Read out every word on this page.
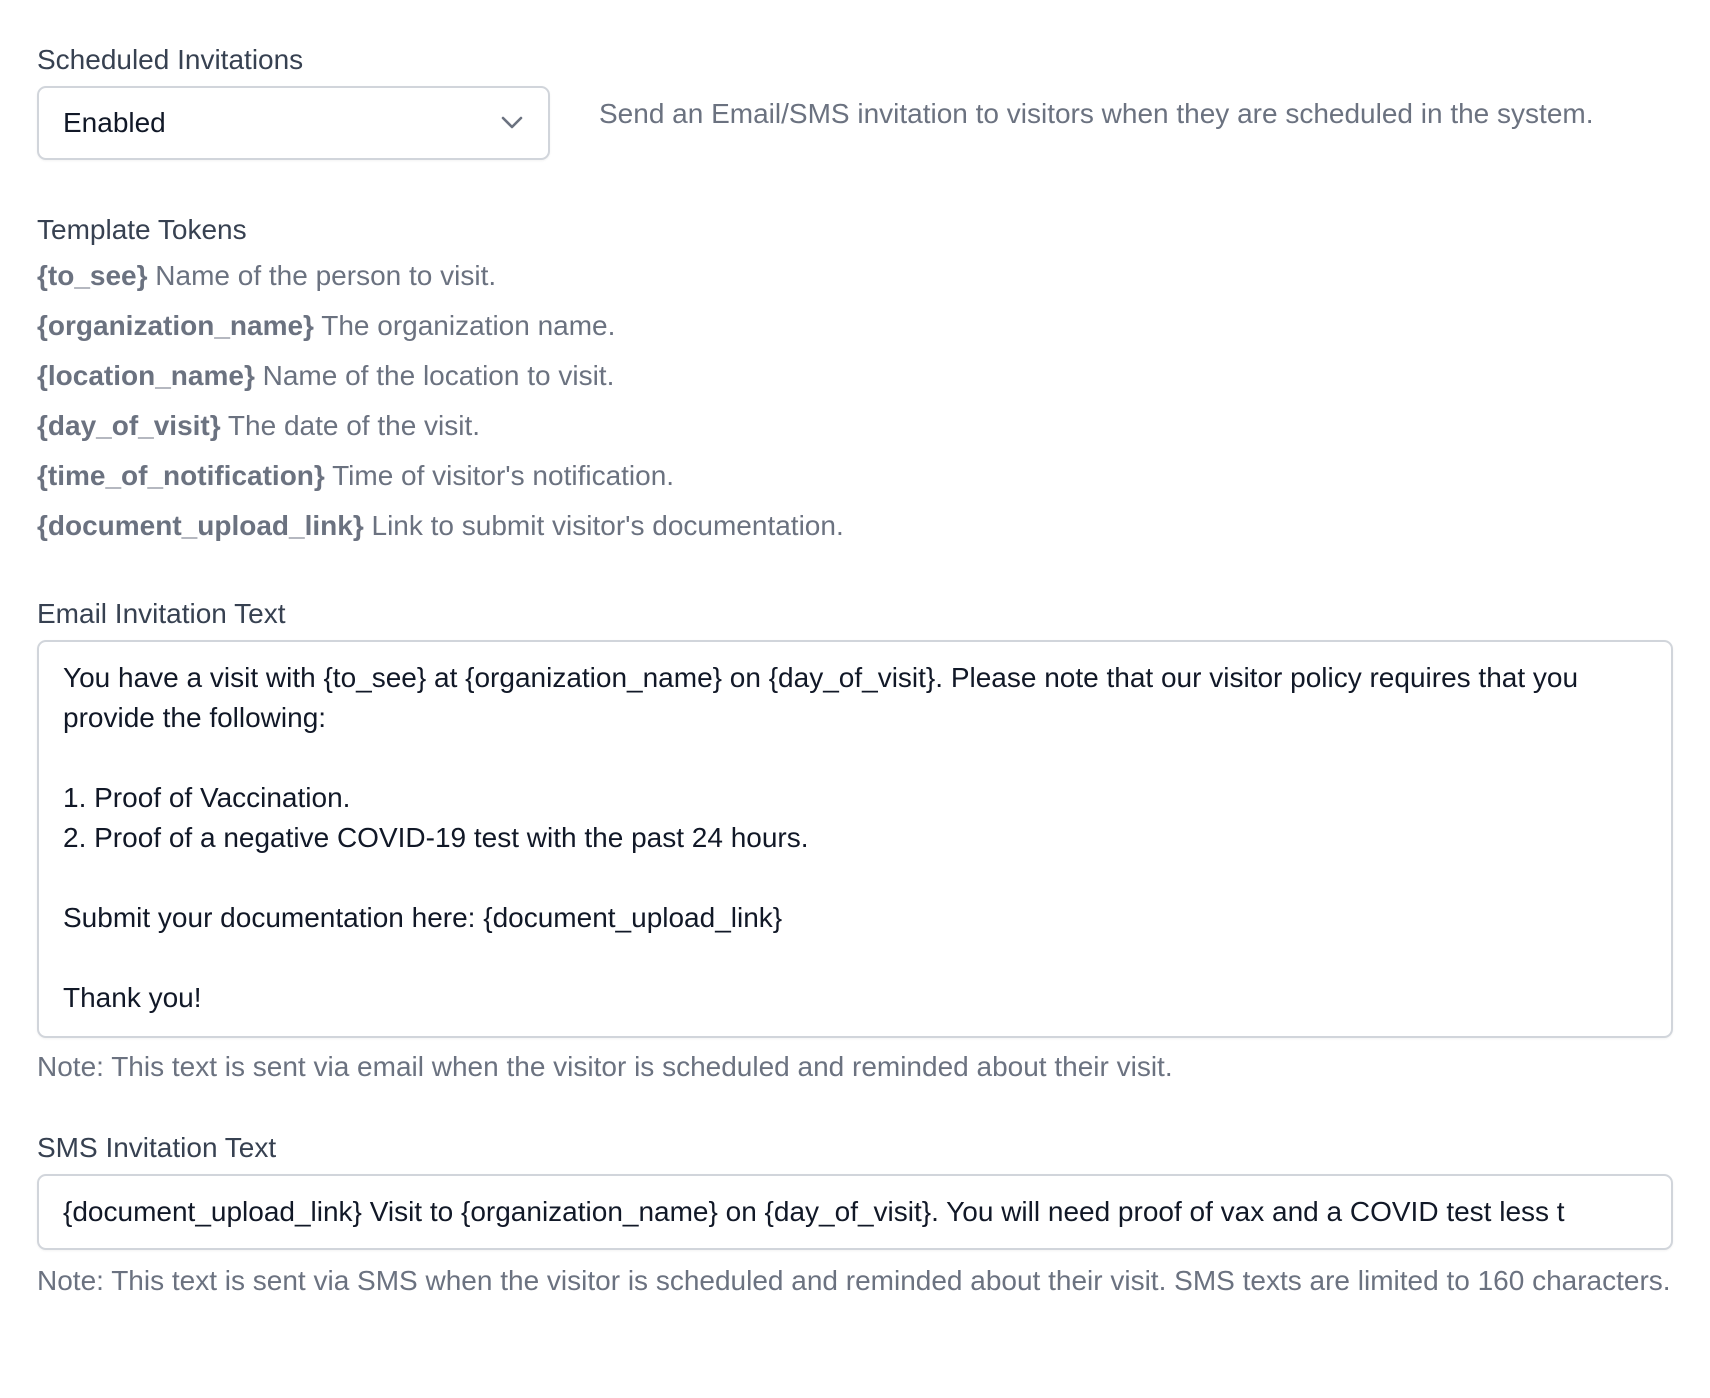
Scheduled Invitations
Enabled	Send an Email/SMS invitation to visitors when they are scheduled in the system.
Template Tokens
{to_see} Name of the person to visit.
{organization_name} The organization name.
{location_name} Name of the location to visit.
{day_of_visit} The date of the visit.
{time_of_notification} Time of visitor's notification.
{document_upload_link} Link to submit visitor's documentation.
Email Invitation Text
You have a visit with {to_see} at {organization_name} on {day_of_visit}. Please note that our visitor policy requires that you provide the following:

1. Proof of Vaccination.
2. Proof of a negative COVID-19 test with the past 24 hours.

Submit your documentation here: {document_upload_link}

Thank you!
Note: This text is sent via email when the visitor is scheduled and reminded about their visit.
SMS Invitation Text
{document_upload_link} Visit to {organization_name} on {day_of_visit}. You will need proof of vax and a COVID test less t
Note: This text is sent via SMS when the visitor is scheduled and reminded about their visit. SMS texts are limited to 160 characters.
